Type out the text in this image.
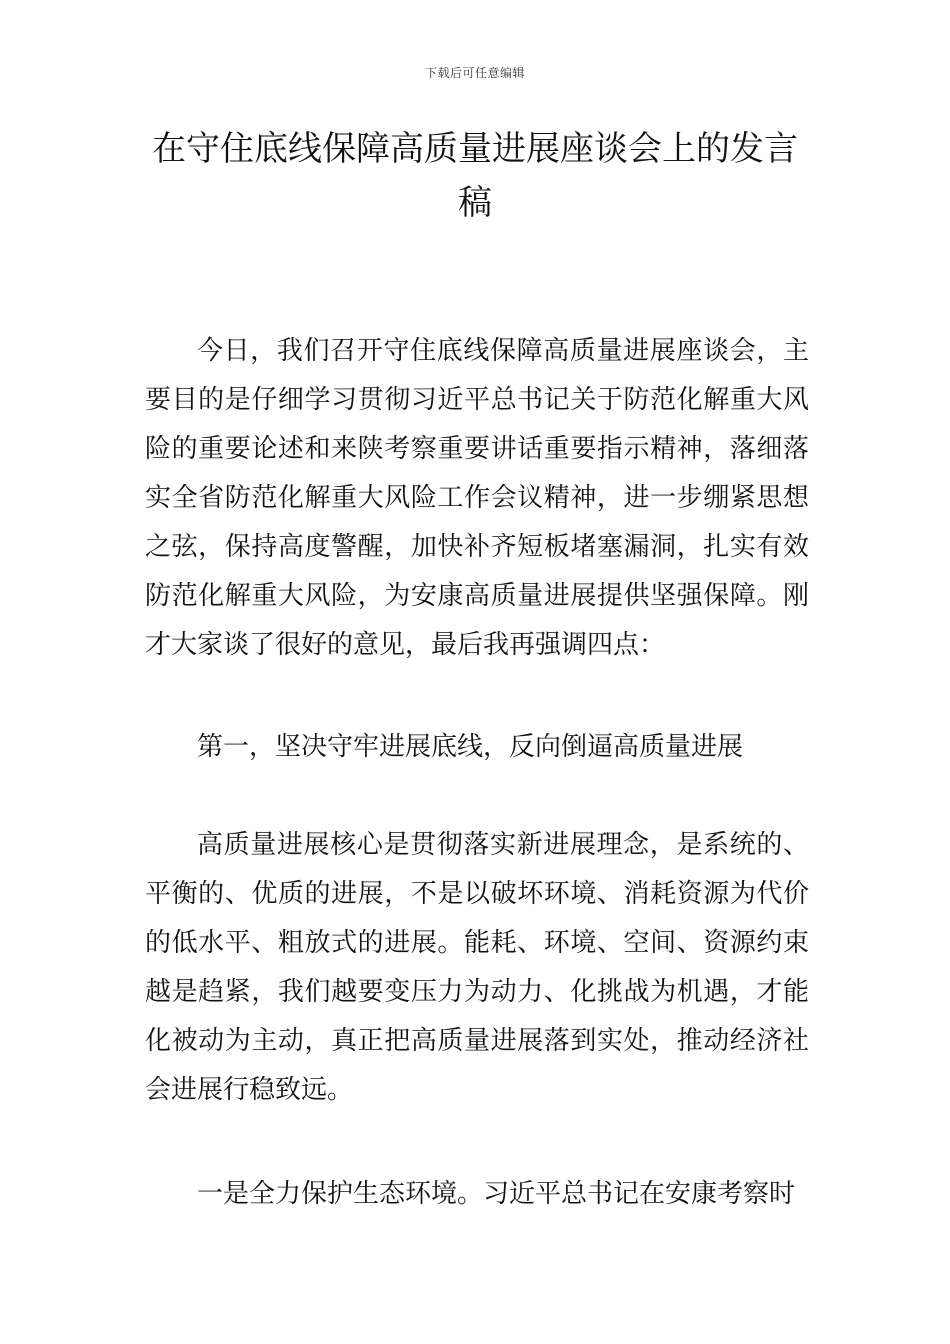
下载后可任意编辑
在守住底线保障高质量进展座谈会上的发言稿

今日，我们召开守住底线保障高质量进展座谈会，主要目的是仔细学习贯彻习近平总书记关于防范化解重大风险的重要论述和来陕考察重要讲话重要指示精神，落细落实全省防范化解重大风险工作会议精神，进一步绷紧思想之弦，保持高度警醒，加快补齐短板堵塞漏洞，扎实有效防范化解重大风险，为安康高质量进展提供坚强保障。刚才大家谈了很好的意见，最后我再强调四点：

第一，坚决守牢进展底线，反向倒逼高质量进展

高质量进展核心是贯彻落实新进展理念，是系统的、平衡的、优质的进展，不是以破坏环境、消耗资源为代价的低水平、粗放式的进展。能耗、环境、空间、资源约束越是趋紧，我们越要变压力为动力、化挑战为机遇，才能化被动为主动，真正把高质量进展落到实处，推动经济社会进展行稳致远。

一是全力保护生态环境。习近平总书记在安康考察时
